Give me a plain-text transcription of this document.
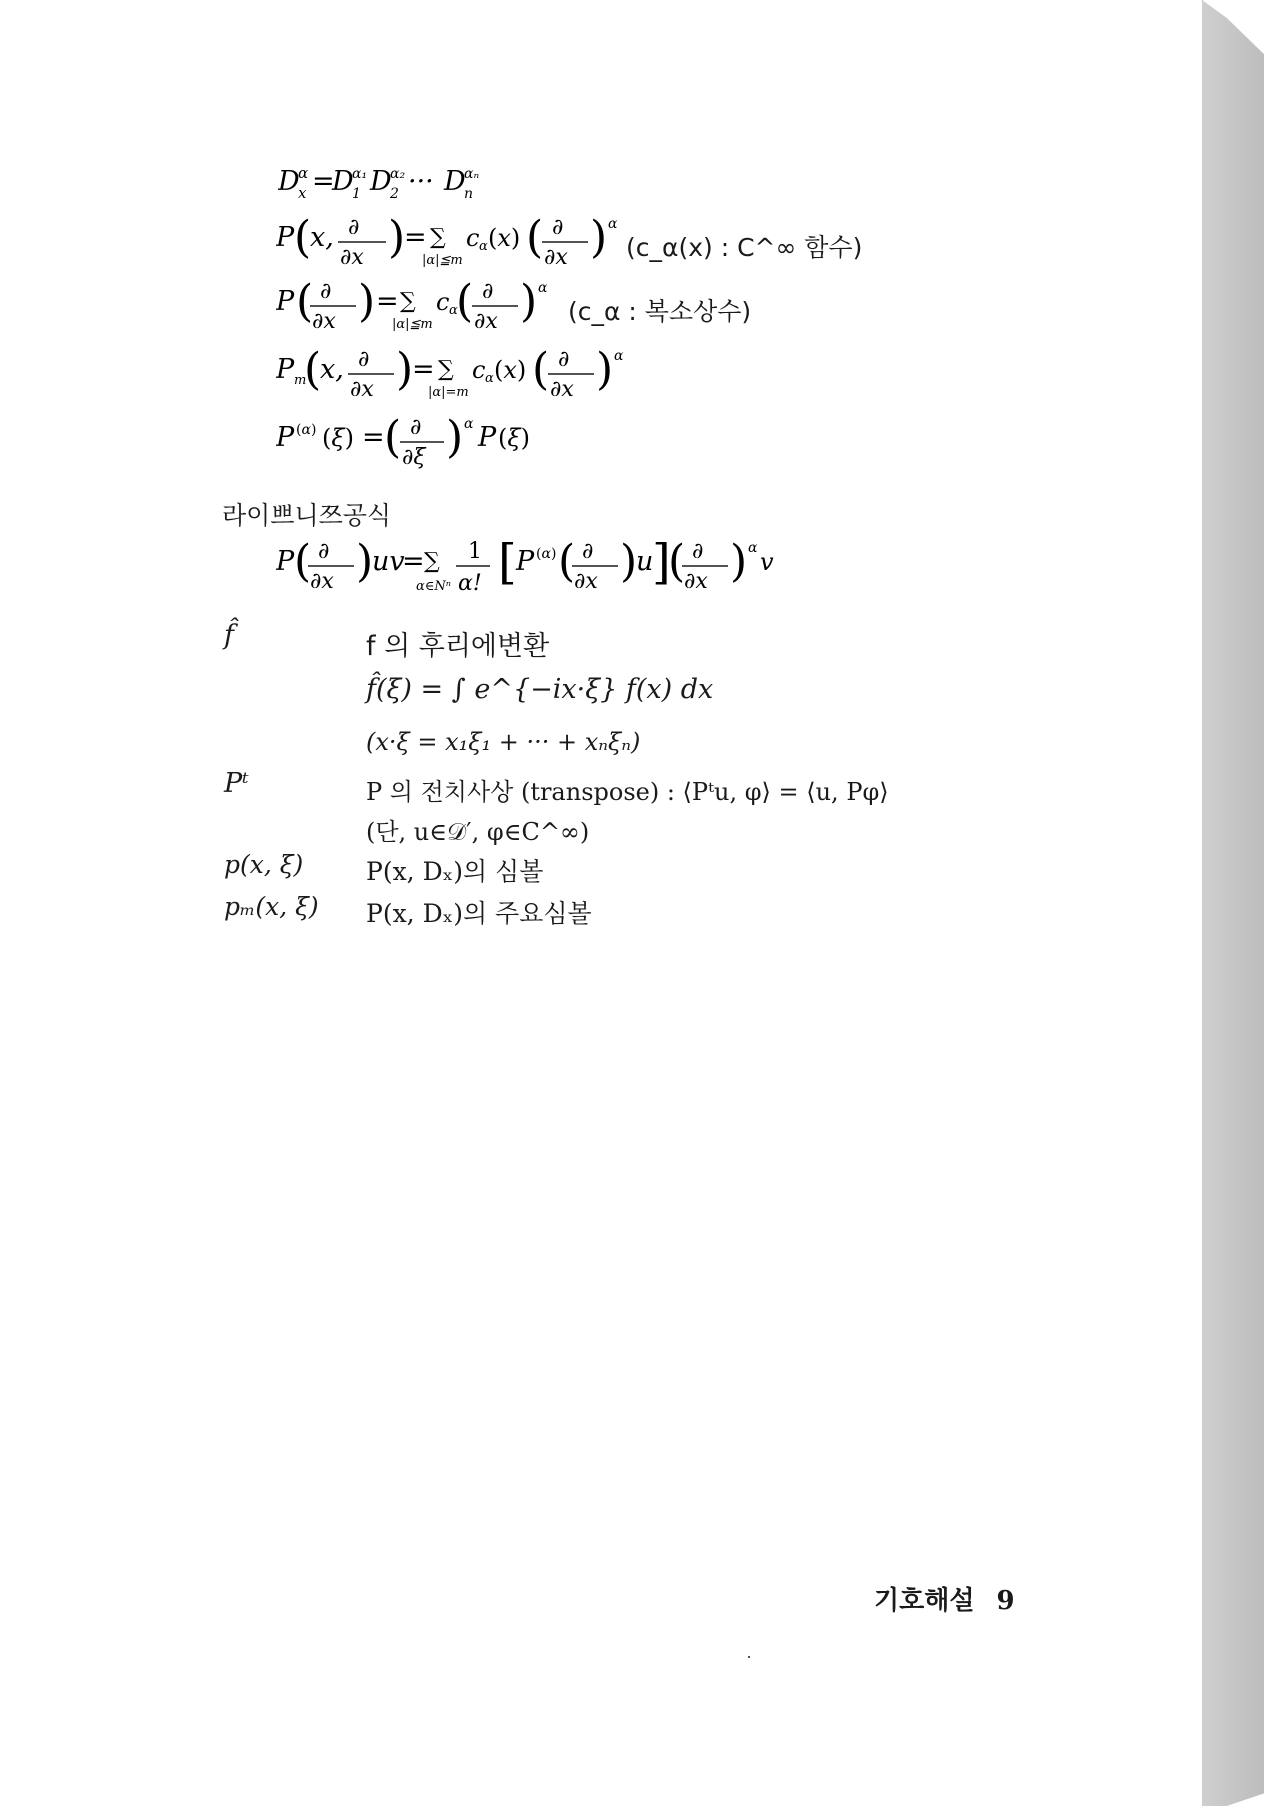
D
α
x =
D
α₁
1 D
α₂
2 ··· D
αₙ
n
P (
x, ∂
∂x )
= ∑
|α|≦m
c α (x) ( ∂
∂x ) α
(c_α(x) : C^∞ 함수)
P ( ∂
∂x ) = ∑
|α|≦m
c α
( ∂
∂x ) α
(c_α : 복소상수)
P m
(
x, ∂
∂x )
= ∑
|α|=m
c α (x) ( ∂
∂x ) α
P (α) (ξ) = ( ∂
∂ξ ) α P (ξ)
라이쁘니쯔공식
P ( ∂
∂x )
uv
= ∑
α∈Nⁿ
1
α! [ P (α) ( ∂
∂x )
u
]
( ∂
∂x ) α v
f̂	f 의 후리에변환
f̂(ξ) = ∫ e^{−ix·ξ} f(x) dx
(x·ξ = x₁ξ₁ + ··· + xₙξₙ)
Pᵗ	P 의 전치사상 (transpose) : ⟨Pᵗu, φ⟩ = ⟨u, Pφ⟩
(단, u∈𝒟′, φ∈C^∞)
p(x, ξ)	P(x, Dₓ)의 심볼
pₘ(x, ξ) P(x, Dₓ)의 주요심볼
기호해설 9
